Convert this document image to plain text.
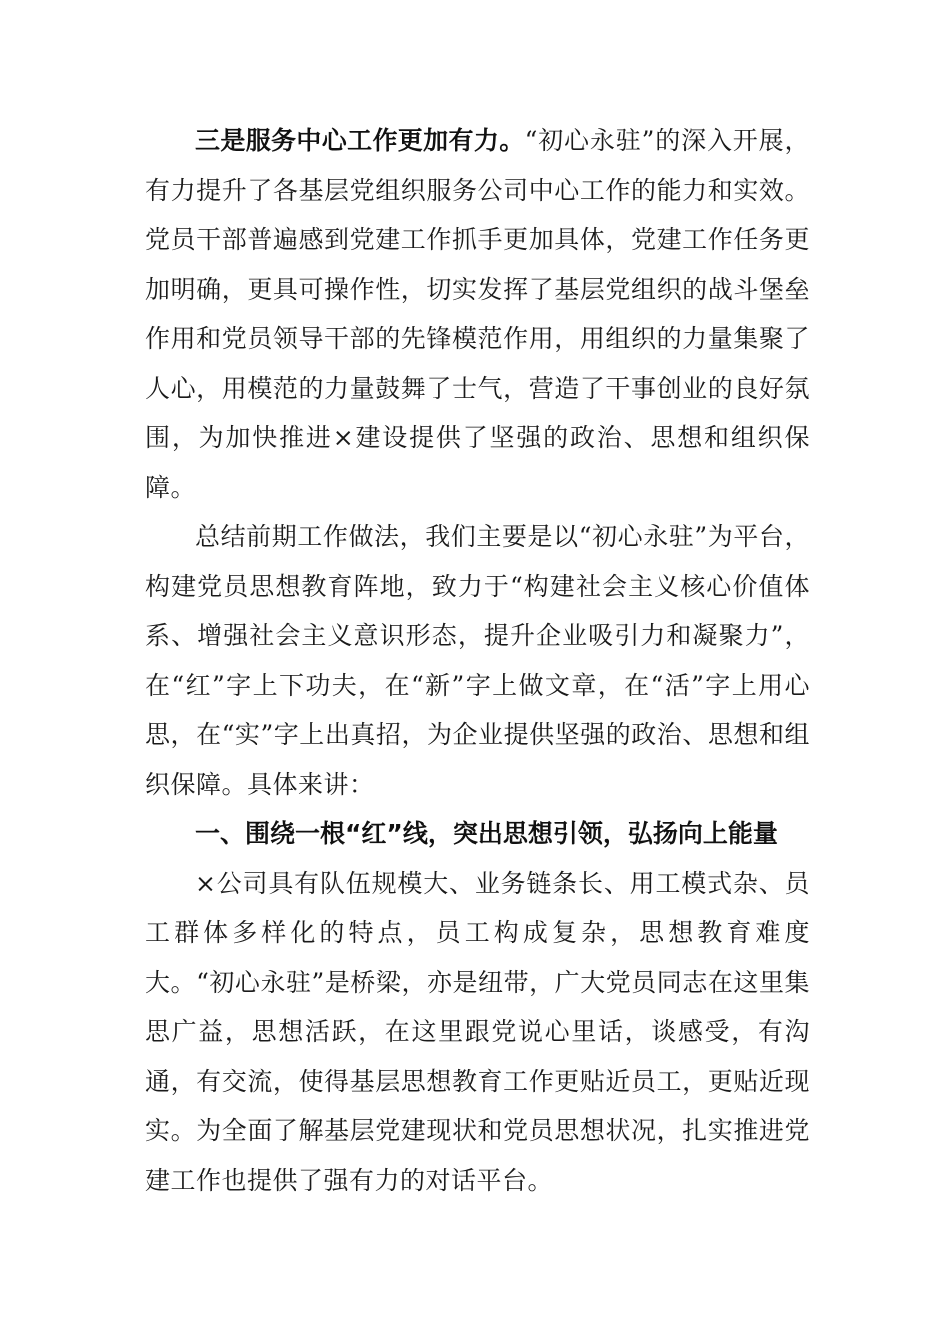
三是服务中心工作更加有力。“初心永驻”的深入开展，有力提升了各基层党组织服务公司中心工作的能力和实效。党员干部普遍感到党建工作抓手更加具体，党建工作任务更加明确，更具可操作性，切实发挥了基层党组织的战斗堡垒作用和党员领导干部的先锋模范作用，用组织的力量集聚了人心，用模范的力量鼓舞了士气，营造了干事创业的良好氛围，为加快推进×建设提供了坚强的政治、思想和组织保障。

总结前期工作做法，我们主要是以“初心永驻”为平台，构建党员思想教育阵地，致力于“构建社会主义核心价值体系、增强社会主义意识形态，提升企业吸引力和凝聚力”，在“红”字上下功夫，在“新”字上做文章，在“活”字上用心思，在“实”字上出真招，为企业提供坚强的政治、思想和组织保障。具体来讲：

一、围绕一根“红”线，突出思想引领，弘扬向上能量

×公司具有队伍规模大、业务链条长、用工模式杂、员工群体多样化的特点，员工构成复杂，思想教育难度大。“初心永驻”是桥梁，亦是纽带，广大党员同志在这里集思广益，思想活跃，在这里跟党说心里话，谈感受，有沟通，有交流，使得基层思想教育工作更贴近员工，更贴近现实。为全面了解基层党建现状和党员思想状况，扎实推进党建工作也提供了强有力的对话平台。
